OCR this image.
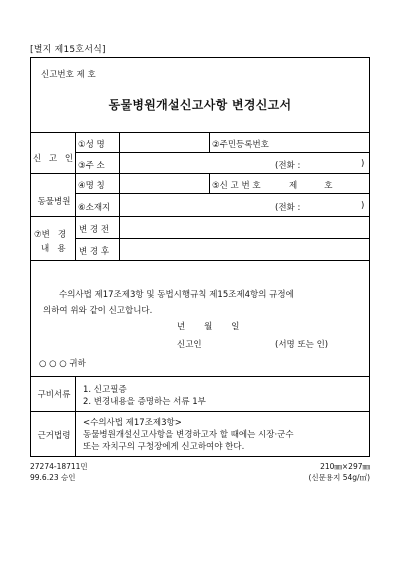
[별지 제15호서식]
신고번호 제 호
동물병원개설신고사항 변경신고서
신 고 인
①성 명	②주민등록번호
③주 소	(전화 :	)
동물병원
④명 칭	⑤신 고 번 호	제          호
⑥소재지	(전화 :	)
⑦변   경
내   용
변 경 전
변 경 후
수의사법 제17조제3항 및 동법시행규칙 제15조제4항의 규정에
의하여 위와 같이 신고합니다.
년       월       일
신고인	(서명 또는 인)
○ ○ ○ 귀하
구비서류	1. 신고필증
2. 변경내용을 증명하는 서류 1부
근거법령
<수의사법 제17조제3항>
동물병원개설신고사항을 변경하고자 할 때에는 시장·군수
또는 자치구의 구청장에게 신고하여야 한다.
27274-18711민
99.6.23 승인
210㎜×297㎜
(신문용지 54g/㎡)
